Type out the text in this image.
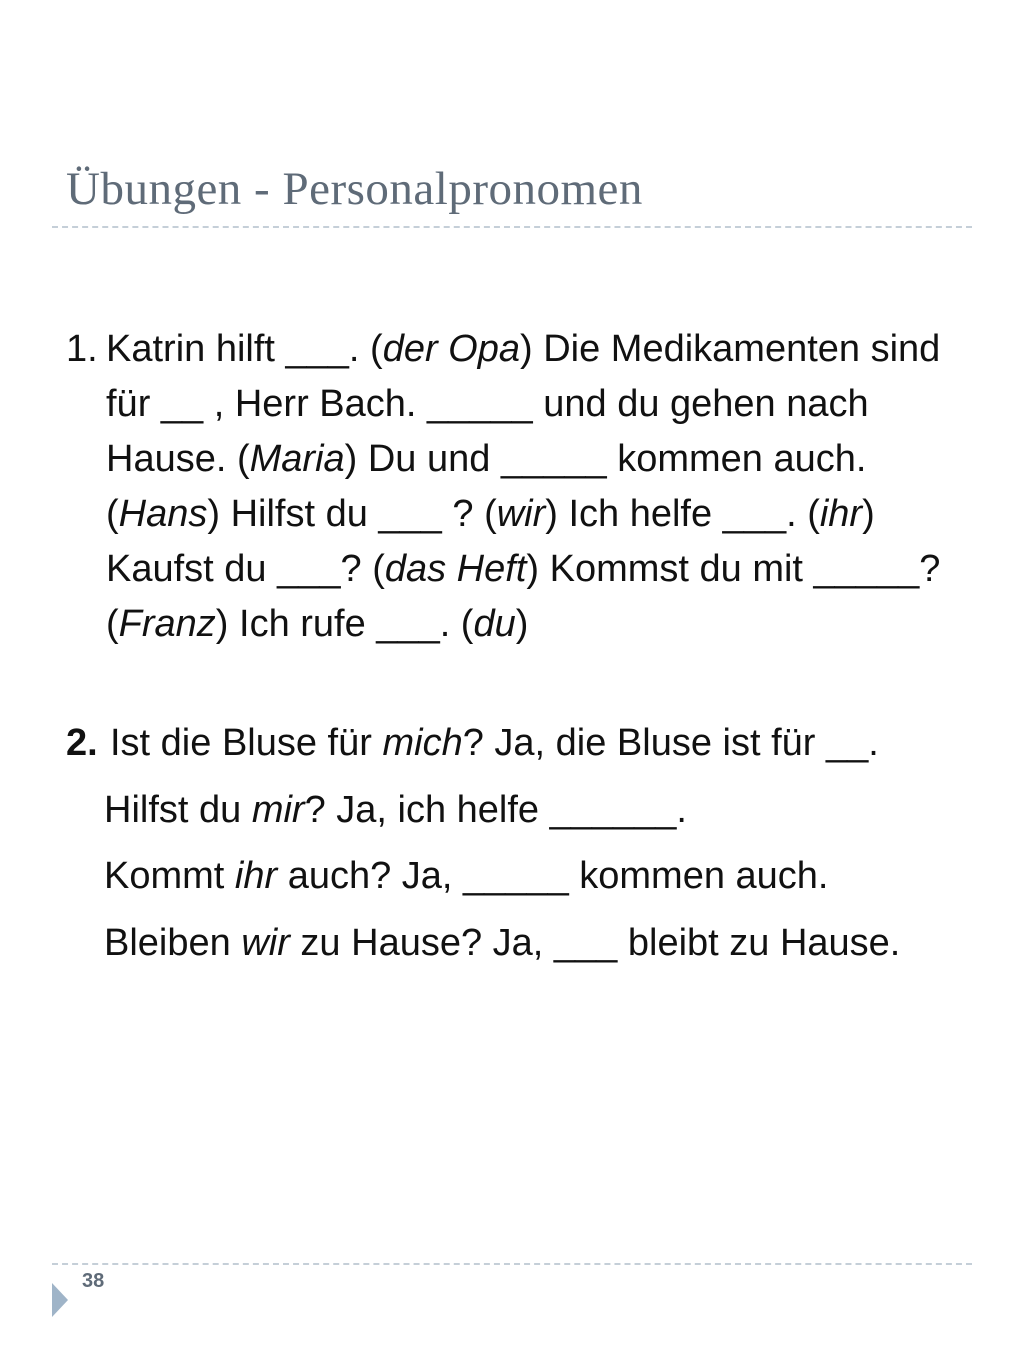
Übungen - Personalpronomen
1. Katrin hilft ___. (der Opa) Die Medikamenten sind für __ , Herr Bach. _____ und du gehen nach Hause. (Maria) Du und _____ kommen auch. (Hans) Hilfst du ___ ? (wir) Ich helfe ___. (ihr) Kaufst du ___? (das Heft) Kommst du mit _____? (Franz) Ich rufe ___. (du)
2. Ist die Bluse für mich? Ja, die Bluse ist für __.
Hilfst du mir? Ja, ich helfe ______.
Kommt ihr auch? Ja, _____ kommen auch.
Bleiben wir zu Hause? Ja, ___ bleibt zu Hause.
38
